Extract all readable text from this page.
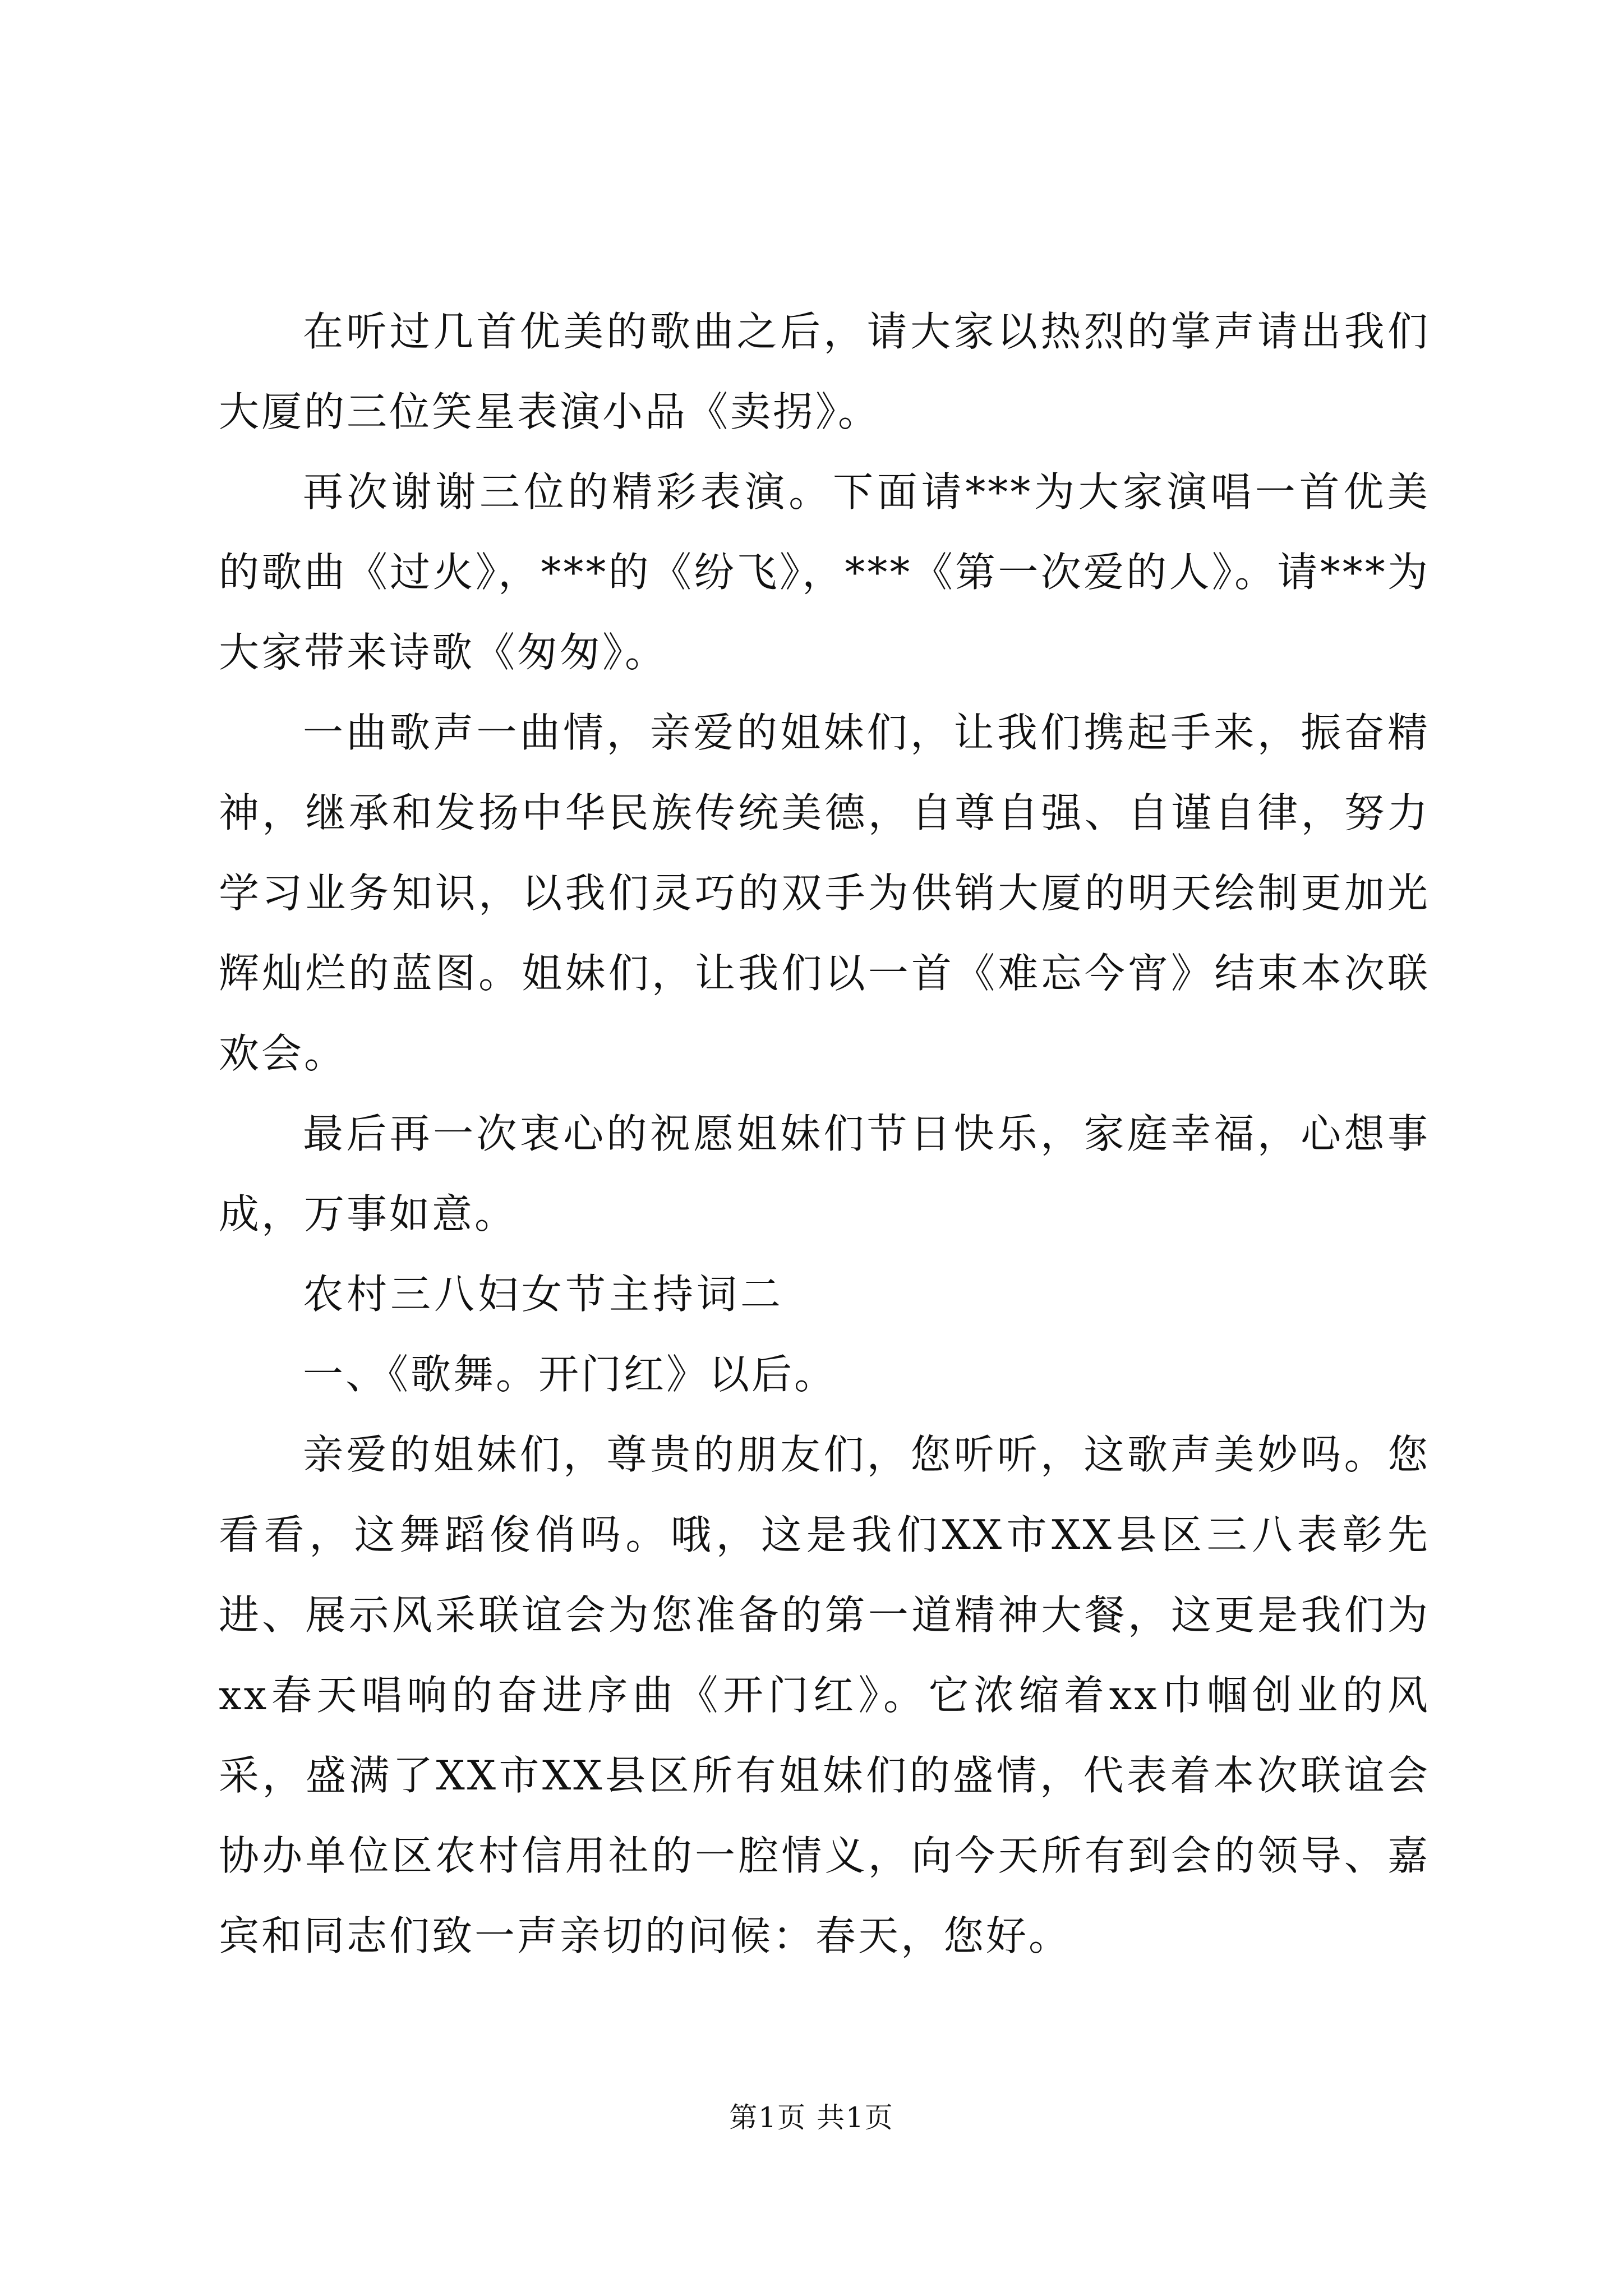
在听过几首优美的歌曲之后，请大家以热烈的掌声请出我们大厦的三位笑星表演小品《卖拐》。

再次谢谢三位的精彩表演。下面请***为大家演唱一首优美的歌曲《过火》，***的《纷飞》，***《第一次爱的人》。请***为大家带来诗歌《匆匆》。

一曲歌声一曲情，亲爱的姐妹们，让我们携起手来，振奋精神，继承和发扬中华民族传统美德，自尊自强、自谨自律，努力学习业务知识，以我们灵巧的双手为供销大厦的明天绘制更加光辉灿烂的蓝图。姐妹们，让我们以一首《难忘今宵》结束本次联欢会。

最后再一次衷心的祝愿姐妹们节日快乐，家庭幸福，心想事成，万事如意。

农村三八妇女节主持词二

一、《歌舞。开门红》以后。

亲爱的姐妹们，尊贵的朋友们，您听听，这歌声美妙吗。您看看，这舞蹈俊俏吗。哦，这是我们XX市XX县区三八表彰先进、展示风采联谊会为您准备的第一道精神大餐，这更是我们为xx春天唱响的奋进序曲《开门红》。它浓缩着xx巾帼创业的风采，盛满了XX市XX县区所有姐妹们的盛情，代表着本次联谊会协办单位区农村信用社的一腔情义，向今天所有到会的领导、嘉宾和同志们致一声亲切的问候：春天，您好。

第1页 共1页
